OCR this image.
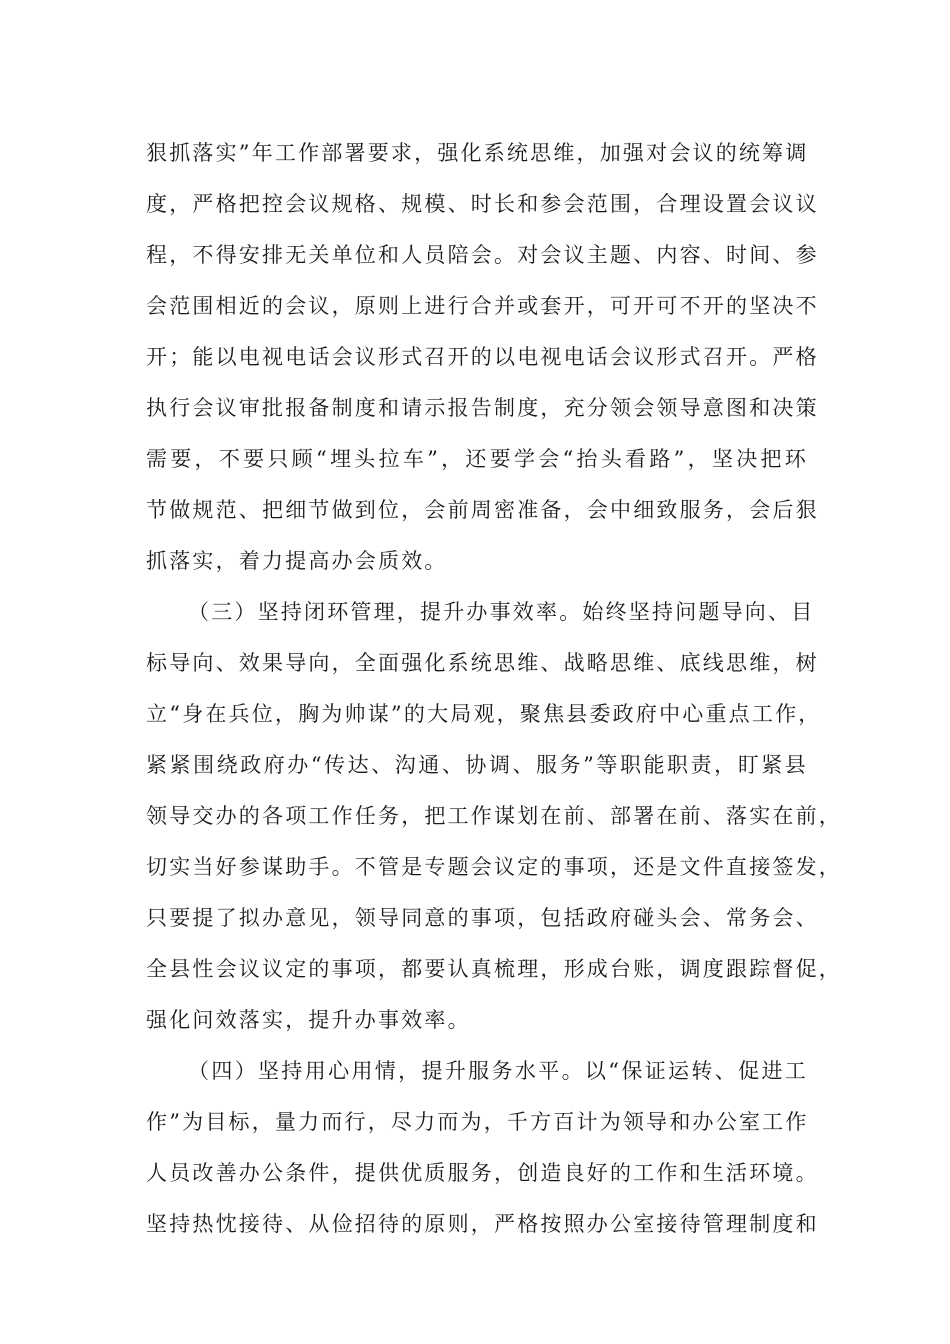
狠抓落实”年工作部署要求，强化系统思维，加强对会议的统筹调
度，严格把控会议规格、规模、时长和参会范围，合理设置会议议
程，不得安排无关单位和人员陪会。对会议主题、内容、时间、参
会范围相近的会议，原则上进行合并或套开，可开可不开的坚决不
开；能以电视电话会议形式召开的以电视电话会议形式召开。严格
执行会议审批报备制度和请示报告制度，充分领会领导意图和决策
需要，不要只顾“埋头拉车”，还要学会“抬头看路”，坚决把环
节做规范、把细节做到位，会前周密准备，会中细致服务，会后狠
抓落实，着力提高办会质效。
（三）坚持闭环管理，提升办事效率。始终坚持问题导向、目
标导向、效果导向，全面强化系统思维、战略思维、底线思维，树
立“身在兵位，胸为帅谋”的大局观，聚焦县委政府中心重点工作，
紧紧围绕政府办“传达、沟通、协调、服务”等职能职责，盯紧县
领导交办的各项工作任务，把工作谋划在前、部署在前、落实在前，
切实当好参谋助手。不管是专题会议定的事项，还是文件直接签发，
只要提了拟办意见，领导同意的事项，包括政府碰头会、常务会、
全县性会议议定的事项，都要认真梳理，形成台账，调度跟踪督促，
强化问效落实，提升办事效率。
（四）坚持用心用情，提升服务水平。以“保证运转、促进工
作”为目标，量力而行，尽力而为，千方百计为领导和办公室工作
人员改善办公条件，提供优质服务，创造良好的工作和生活环境。
坚持热忱接待、从俭招待的原则，严格按照办公室接待管理制度和
